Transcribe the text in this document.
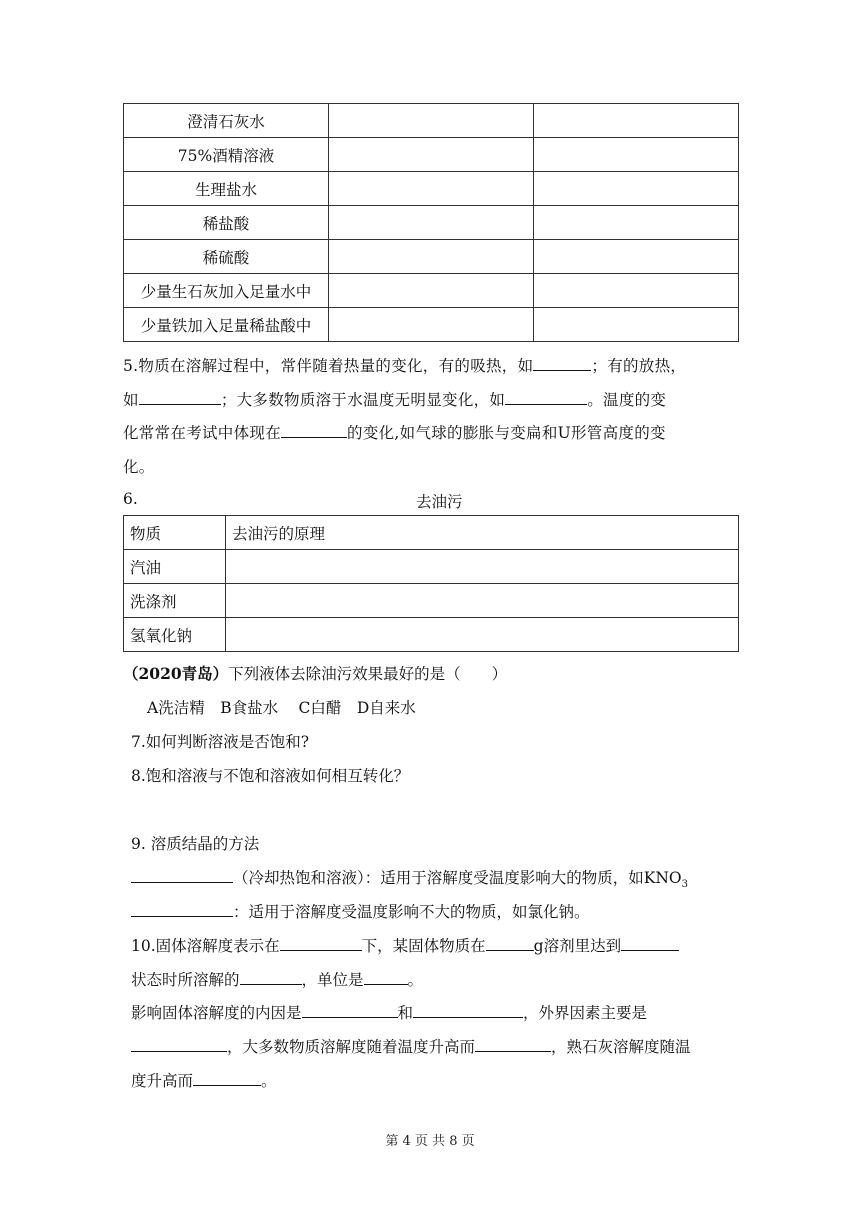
澄清石灰水		
75%酒精溶液		
生理盐水		
稀盐酸		
稀硫酸		
少量生石灰加入足量水中		
少量铁加入足量稀盐酸中		
5.物质在溶解过程中，常伴随着热量的变化，有的吸热，如	；有的放热，
如	；大多数物质溶于水温度无明显变化，如	。温度的变
化常常在考试中体现在	的变化,如气球的膨胀与变扁和U形管高度的变
化。
6.	去油污
物质	去油污的原理
汽油	
洗涤剂	
氢氧化钠	
（2020青岛）下列液体去除油污效果最好的是（　　）
A洗洁精　B食盐水　 C白醋　D自来水
7.如何判断溶液是否饱和?
8.饱和溶液与不饱和溶液如何相互转化？
9. 溶质结晶的方法
（冷却热饱和溶液）：适用于溶解度受温度影响大的物质，如$KNO_3$
：适用于溶解度受温度影响不大的物质，如氯化钠。
10.固体溶解度表示在	下，某固体物质在	g溶剂里达到
状态时所溶解的	，单位是	。
影响固体溶解度的内因是	和	，外界因素主要是
，大多数物质溶解度随着温度升高而	，熟石灰溶解度随温
度升高而	。
第 4 页 共 8 页
